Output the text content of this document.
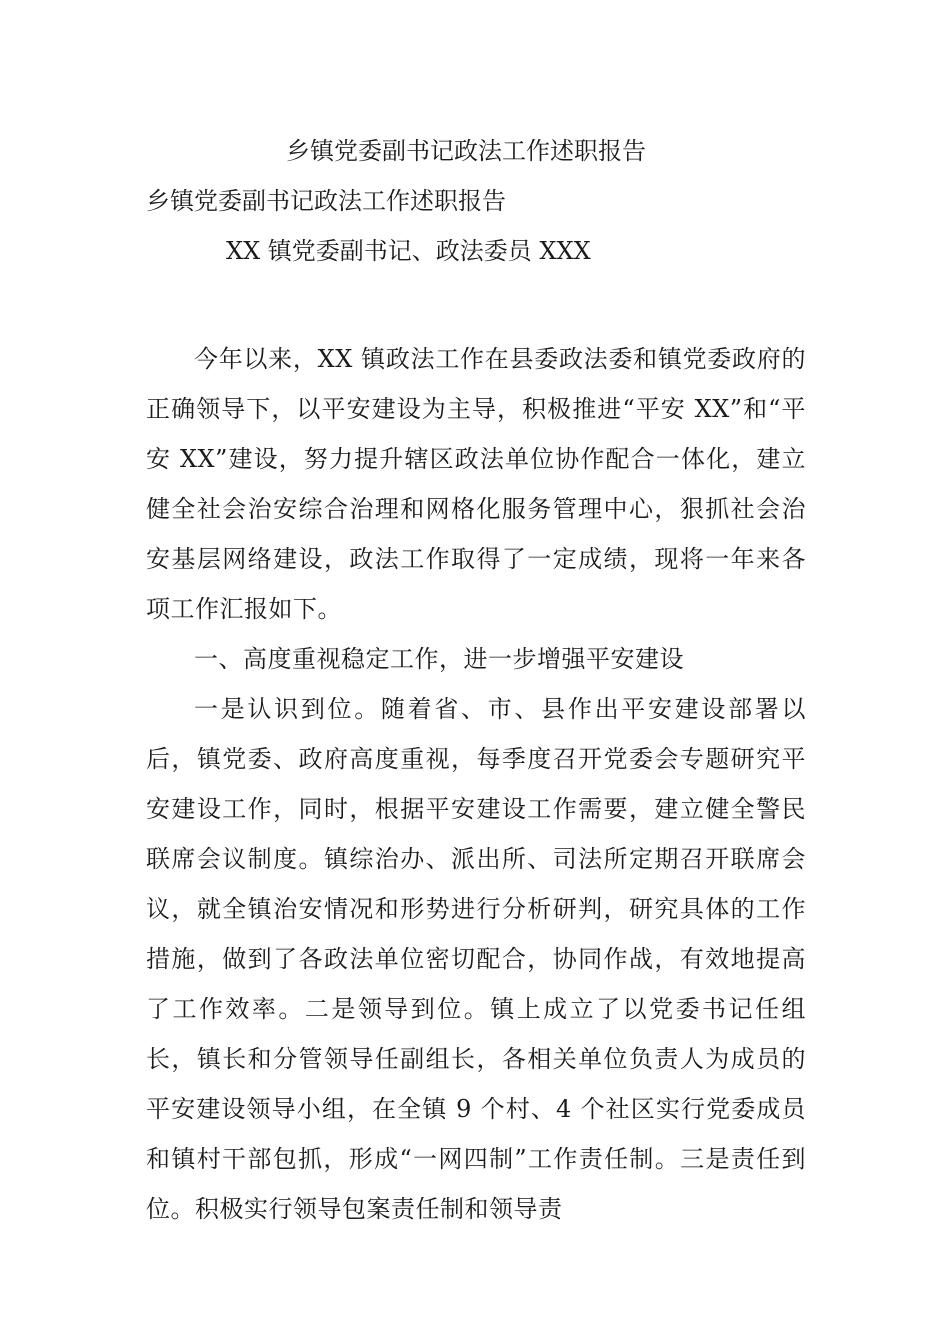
乡镇党委副书记政法工作述职报告
乡镇党委副书记政法工作述职报告
XX 镇党委副书记、政法委员 XXX

今年以来，XX 镇政法工作在县委政法委和镇党委政府的正确领导下，以平安建设为主导，积极推进“平安 XX”和“平安 XX”建设，努力提升辖区政法单位协作配合一体化，建立健全社会治安综合治理和网格化服务管理中心，狠抓社会治安基层网络建设，政法工作取得了一定成绩，现将一年来各项工作汇报如下。

一、高度重视稳定工作，进一步增强平安建设

一是认识到位。随着省、市、县作出平安建设部署以后，镇党委、政府高度重视，每季度召开党委会专题研究平安建设工作，同时，根据平安建设工作需要，建立健全警民联席会议制度。镇综治办、派出所、司法所定期召开联席会议，就全镇治安情况和形势进行分析研判，研究具体的工作措施，做到了各政法单位密切配合，协同作战，有效地提高了工作效率。二是领导到位。镇上成立了以党委书记任组长，镇长和分管领导任副组长，各相关单位负责人为成员的平安建设领导小组，在全镇 9 个村、4 个社区实行党委成员和镇村干部包抓，形成“一网四制”工作责任制。三是责任到位。积极实行领导包案责任制和领导责
